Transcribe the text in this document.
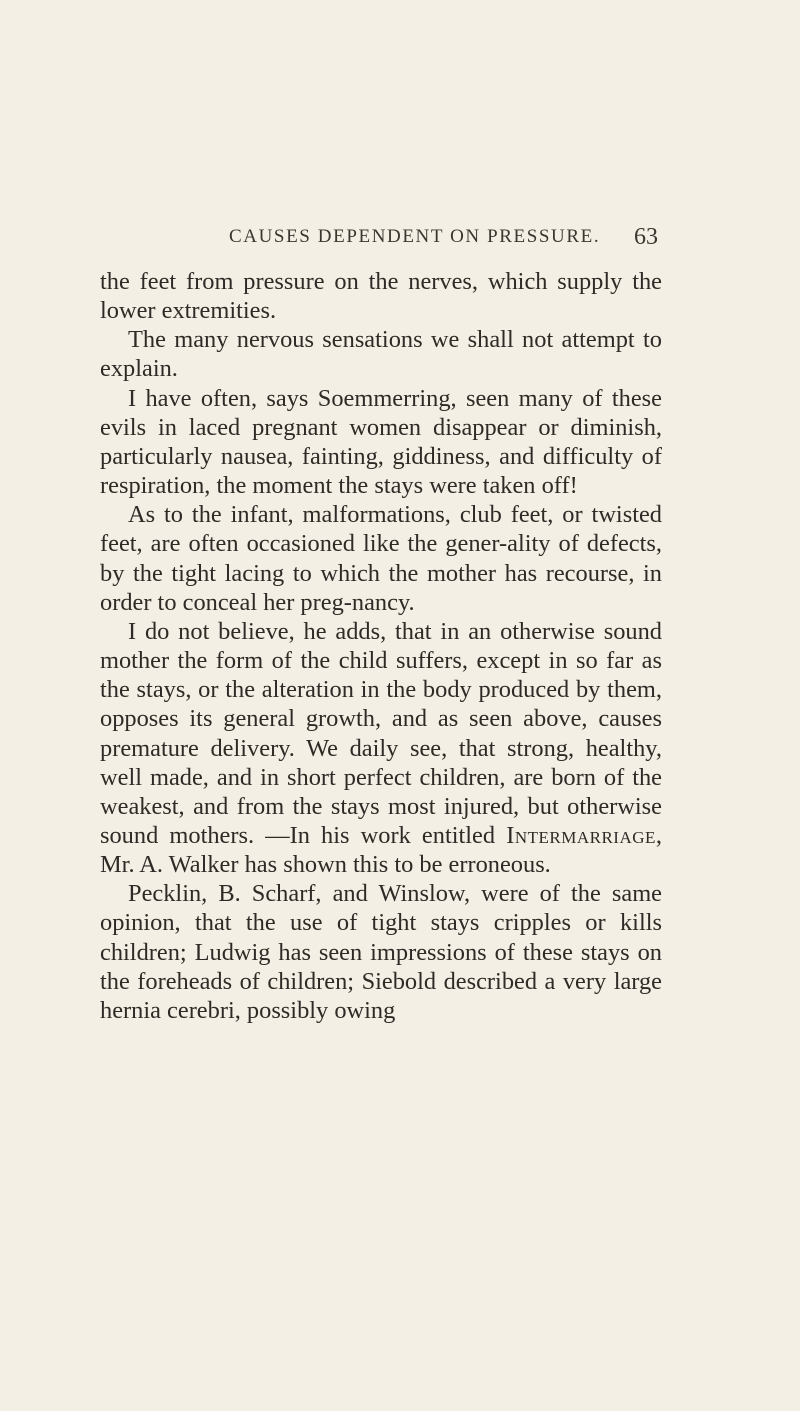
CAUSES DEPENDENT ON PRESSURE. 63

the feet from pressure on the nerves, which supply the lower extremities.

The many nervous sensations we shall not attempt to explain.

I have often, says Soemmerring, seen many of these evils in laced pregnant women disappear or diminish, particularly nausea, fainting, giddiness, and difficulty of respiration, the moment the stays were taken off!

As to the infant, malformations, club feet, or twisted feet, are often occasioned like the gener-ality of defects, by the tight lacing to which the mother has recourse, in order to conceal her preg-nancy.

I do not believe, he adds, that in an otherwise sound mother the form of the child suffers, except in so far as the stays, or the alteration in the body produced by them, opposes its general growth, and as seen above, causes premature delivery. We daily see, that strong, healthy, well made, and in short perfect children, are born of the weakest, and from the stays most injured, but otherwise sound mothers. —In his work entitled Intermarriage, Mr. A. Walker has shown this to be erroneous.

Pecklin, B. Scharf, and Winslow, were of the same opinion, that the use of tight stays cripples or kills children; Ludwig has seen impressions of these stays on the foreheads of children; Siebold described a very large hernia cerebri, possibly owing
